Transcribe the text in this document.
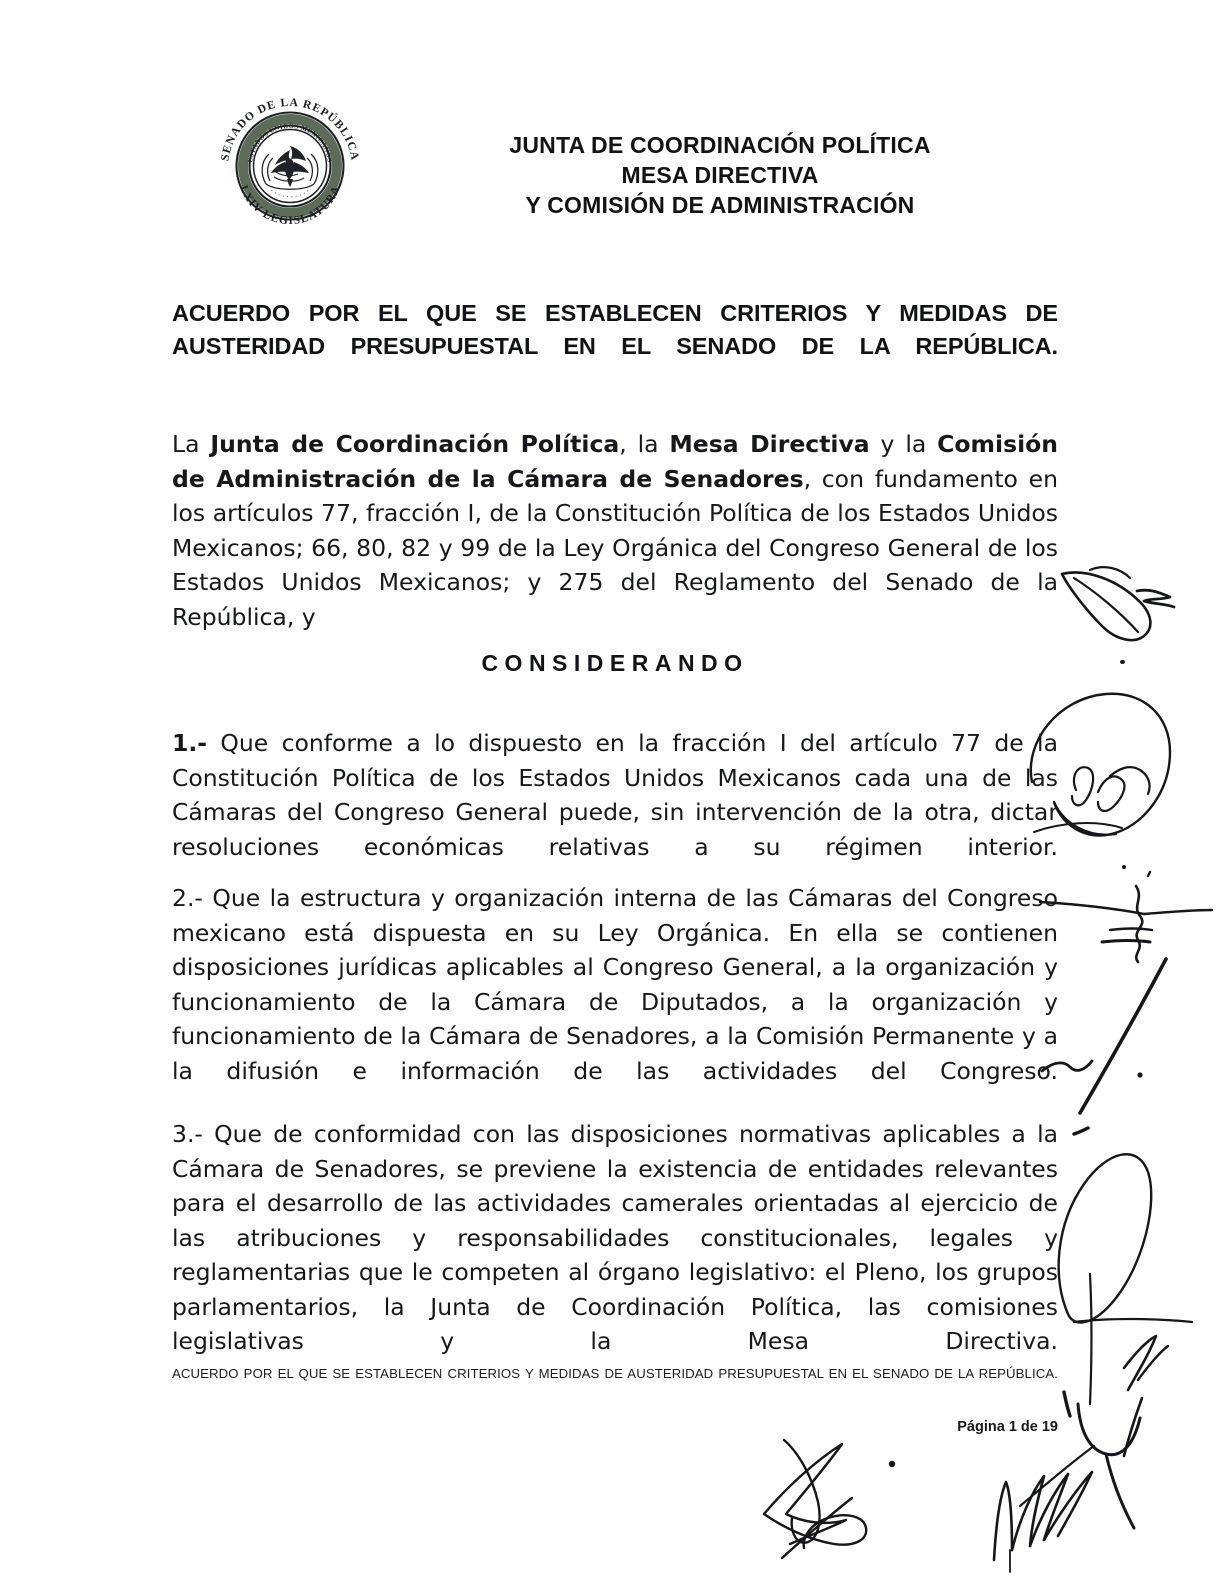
SENADO DE LA REPÚBLICA
LXIV LEGISLATURA
ESTADOS UNIDOS MEXICANOS
· · · · · · · · · ·
JUNTA DE COORDINACIÓN POLÍTICA
MESA DIRECTIVA
Y COMISIÓN DE ADMINISTRACIÓN
ACUERDO POR EL QUE SE ESTABLECEN CRITERIOS Y MEDIDAS DE AUSTERIDAD PRESUPUESTAL EN EL SENADO DE LA REPÚBLICA.
La Junta de Coordinación Política, la Mesa Directiva y la Comisión de Administración de la Cámara de Senadores, con fundamento en los artículos 77, fracción I, de la Constitución Política de los Estados Unidos Mexicanos; 66, 80, 82 y 99 de la Ley Orgánica del Congreso General de los Estados Unidos Mexicanos; y 275 del Reglamento del Senado de la República, y
CONSIDERANDO
1.- Que conforme a lo dispuesto en la fracción I del artículo 77 de la Constitución Política de los Estados Unidos Mexicanos cada una de las Cámaras del Congreso General puede, sin intervención de la otra, dictar resoluciones económicas relativas a su régimen interior.
2.- Que la estructura y organización interna de las Cámaras del Congreso mexicano está dispuesta en su Ley Orgánica. En ella se contienen disposiciones jurídicas aplicables al Congreso General, a la organización y funcionamiento de la Cámara de Diputados, a la organización y funcionamiento de la Cámara de Senadores, a la Comisión Permanente y a la difusión e información de las actividades del Congreso.
3.- Que de conformidad con las disposiciones normativas aplicables a la Cámara de Senadores, se previene la existencia de entidades relevantes para el desarrollo de las actividades camerales orientadas al ejercicio de las atribuciones y responsabilidades constitucionales, legales y reglamentarias que le competen al órgano legislativo: el Pleno, los grupos parlamentarios, la Junta de Coordinación Política, las comisiones legislativas y la Mesa Directiva.
ACUERDO POR EL QUE SE ESTABLECEN CRITERIOS Y MEDIDAS DE AUSTERIDAD PRESUPUESTAL EN EL SENADO DE LA REPÚBLICA.
Página 1 de 19
